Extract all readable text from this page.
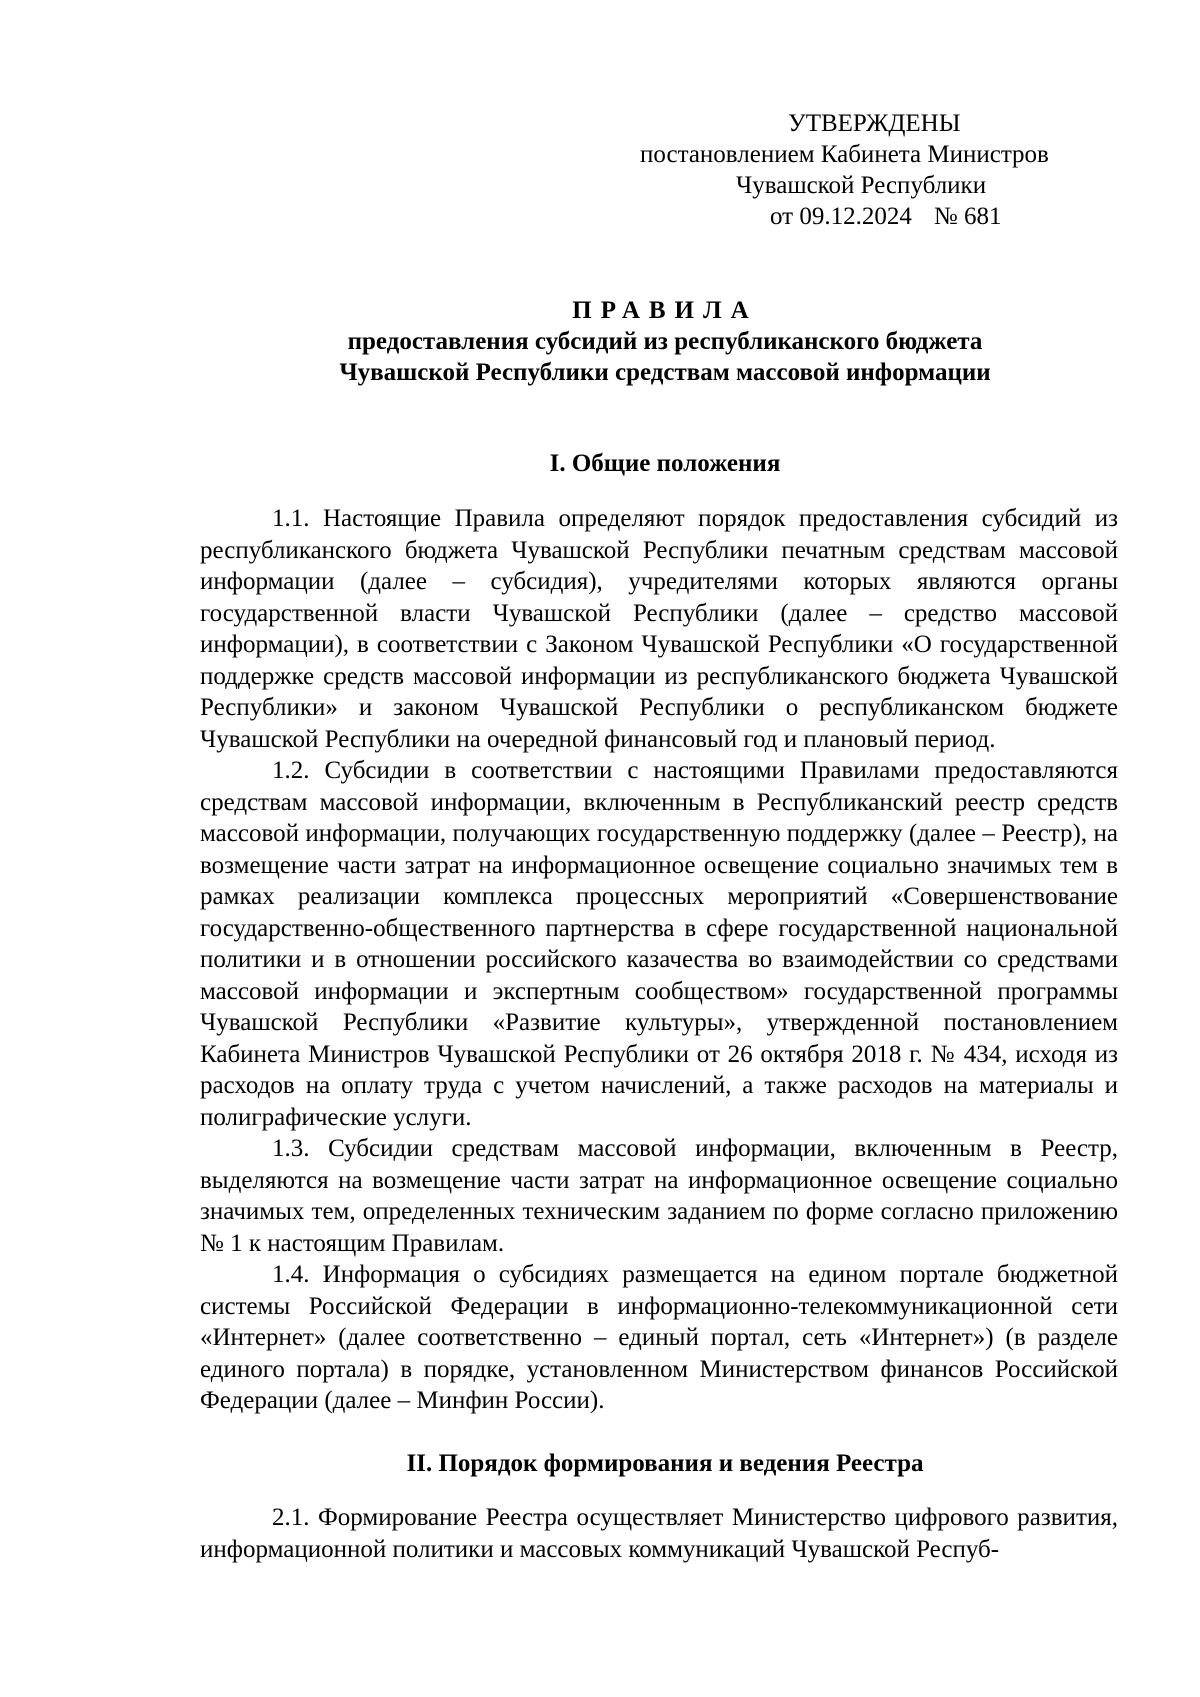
УТВЕРЖДЕНЫ
постановлением Кабинета Министров
Чувашской Республики
от 09.12.2024 № 681
ПРАВИЛА
предоставления субсидий из республиканского бюджета
Чувашской Республики средствам массовой информации
I. Общие положения

1.1. Настоящие Правила определяют порядок предоставления субсидий из республиканского бюджета Чувашской Республики печатным средствам массовой информации (далее – субсидия), учредителями которых являются органы государственной власти Чувашской Республики (далее – средство массовой информации), в соответствии с Законом Чувашской Республики «О государственной поддержке средств массовой информации из республиканского бюджета Чувашской Республики» и законом Чувашской Республики о республиканском бюджете Чувашской Республики на очередной финансовый год и плановый период.

1.2. Субсидии в соответствии с настоящими Правилами предоставляются средствам массовой информации, включенным в Республиканский реестр средств массовой информации, получающих государственную поддержку (далее – Реестр), на возмещение части затрат на информационное освещение социально значимых тем в рамках реализации комплекса процессных мероприятий «Совершенствование государственно-общественного партнерства в сфере государственной национальной политики и в отношении российского казачества во взаимодействии со средствами массовой информации и экспертным сообществом» государственной программы Чувашской Республики «Развитие культуры», утвержденной постановлением Кабинета Министров Чувашской Республики от 26 октября 2018 г. № 434, исходя из расходов на оплату труда с учетом начислений, а также расходов на материалы и полиграфические услуги.

1.3. Субсидии средствам массовой информации, включенным в Реестр, выделяются на возмещение части затрат на информационное освещение социально значимых тем, определенных техническим заданием по форме согласно приложению № 1 к настоящим Правилам.

1.4. Информация о субсидиях размещается на едином портале бюджетной системы Российской Федерации в информационно-телекоммуникационной сети «Интернет» (далее соответственно – единый портал, сеть «Интернет») (в разделе единого портала) в порядке, установленном Министерством финансов Российской Федерации (далее – Минфин России).

II. Порядок формирования и ведения Реестра

2.1. Формирование Реестра осуществляет Министерство цифрового развития, информационной политики и массовых коммуникаций Чувашской Респуб-
